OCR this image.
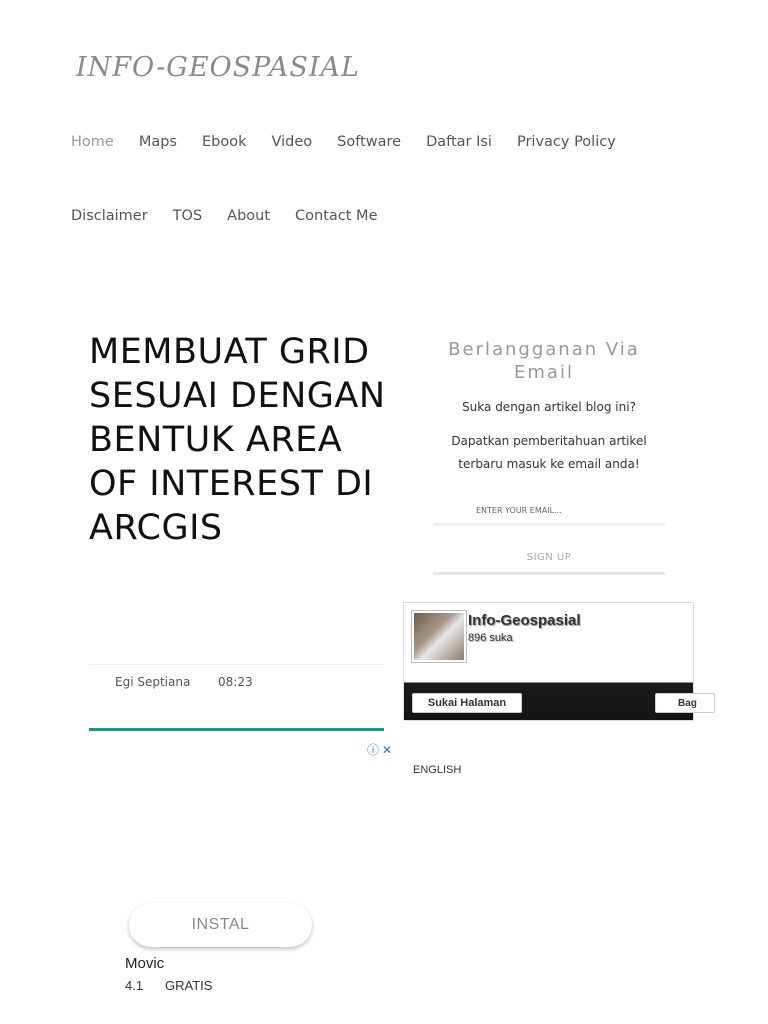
INFO-GEOSPASIAL
Home Maps Ebook Video Software Daftar Isi Privacy Policy
Disclaimer TOS About Contact Me
MEMBUAT GRID SESUAI DENGAN BENTUK AREA OF INTEREST DI ARCGIS
Egi Septiana 08:23
ⓘ ✕
INSTAL
Movic
4.1 GRATIS
Berlangganan Via Email
Suka dengan artikel blog ini?
Dapatkan pemberitahuan artikel terbaru masuk ke email anda!
ENTER YOUR EMAIL...
SIGN UP
Info-Geospasial
896 suka
Sukai Halaman	Bag
ENGLISH
